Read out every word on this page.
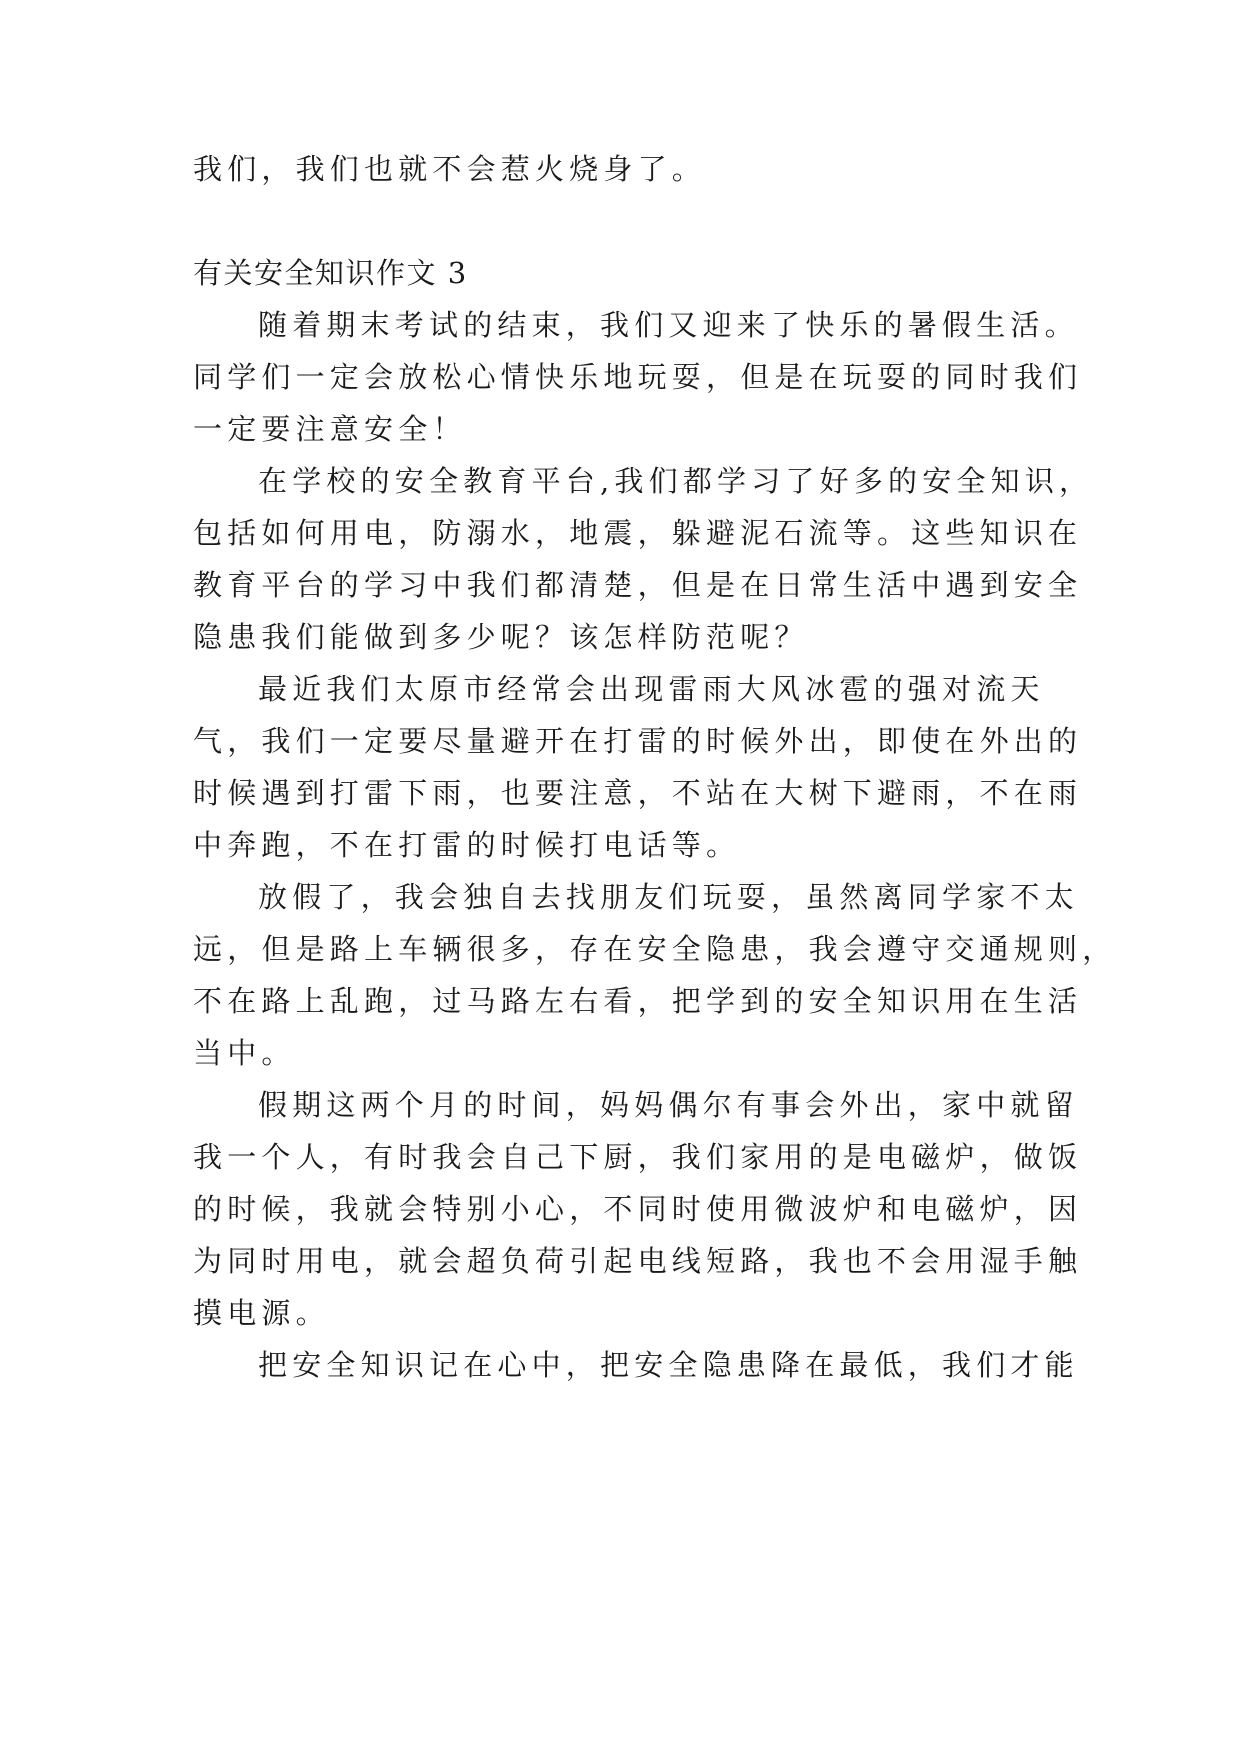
我们，我们也就不会惹火烧身了。
有关安全知识作文 3
随着期末考试的结束，我们又迎来了快乐的暑假生活。
同学们一定会放松心情快乐地玩耍，但是在玩耍的同时我们
一定要注意安全！
在学校的安全教育平台,我们都学习了好多的安全知识，
包括如何用电，防溺水，地震，躲避泥石流等。这些知识在
教育平台的学习中我们都清楚，但是在日常生活中遇到安全
隐患我们能做到多少呢？该怎样防范呢？
最近我们太原市经常会出现雷雨大风冰雹的强对流天
气，我们一定要尽量避开在打雷的时候外出，即使在外出的
时候遇到打雷下雨，也要注意，不站在大树下避雨，不在雨
中奔跑，不在打雷的时候打电话等。
放假了，我会独自去找朋友们玩耍，虽然离同学家不太
远，但是路上车辆很多，存在安全隐患，我会遵守交通规则，
不在路上乱跑，过马路左右看，把学到的安全知识用在生活
当中。
假期这两个月的时间，妈妈偶尔有事会外出，家中就留
我一个人，有时我会自己下厨，我们家用的是电磁炉，做饭
的时候，我就会特别小心，不同时使用微波炉和电磁炉，因
为同时用电，就会超负荷引起电线短路，我也不会用湿手触
摸电源。
把安全知识记在心中，把安全隐患降在最低，我们才能
